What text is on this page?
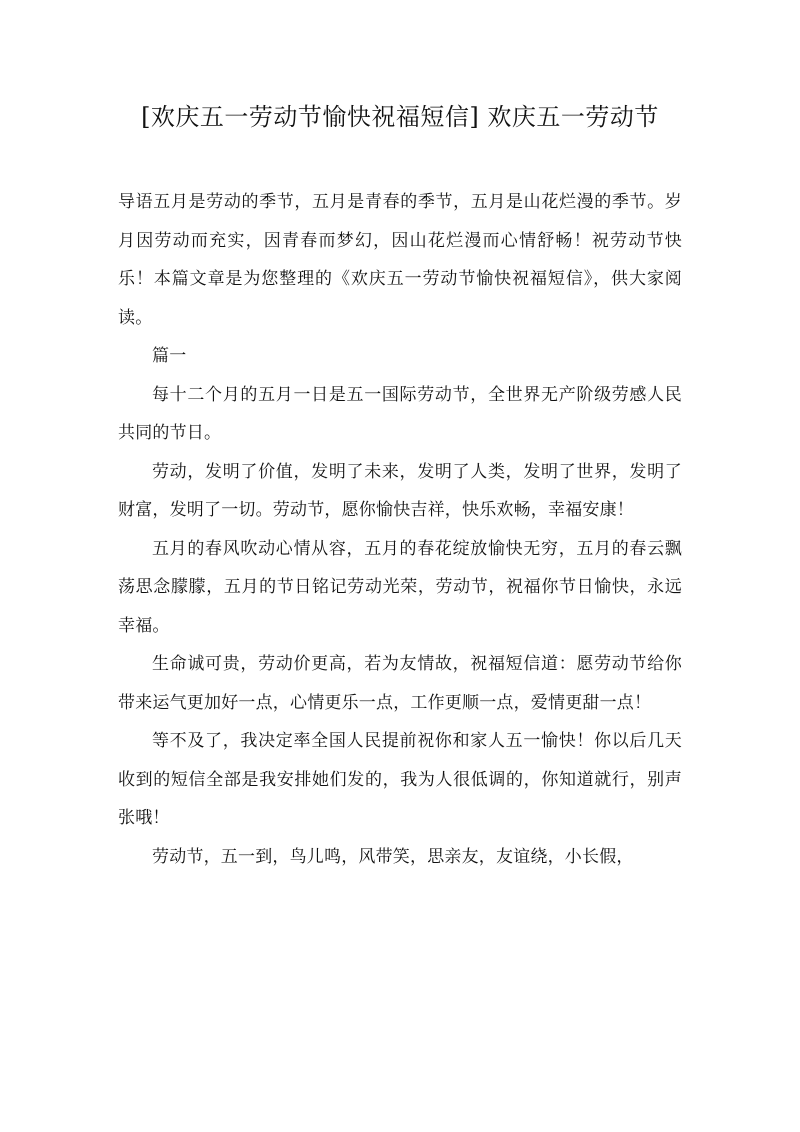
[欢庆五一劳动节愉快祝福短信] 欢庆五一劳动节

导语五月是劳动的季节，五月是青春的季节，五月是山花烂漫的季节。岁月因劳动而充实，因青春而梦幻，因山花烂漫而心情舒畅！祝劳动节快乐！本篇文章是为您整理的《欢庆五一劳动节愉快祝福短信》，供大家阅读。

篇一

每十二个月的五月一日是五一国际劳动节，全世界无产阶级劳感人民共同的节日。

劳动，发明了价值，发明了未来，发明了人类，发明了世界，发明了财富，发明了一切。劳动节，愿你愉快吉祥，快乐欢畅，幸福安康！

五月的春风吹动心情从容，五月的春花绽放愉快无穷，五月的春云飘荡思念朦朦，五月的节日铭记劳动光荣，劳动节，祝福你节日愉快，永远幸福。

生命诚可贵，劳动价更高，若为友情故，祝福短信道：愿劳动节给你带来运气更加好一点，心情更乐一点，工作更顺一点，爱情更甜一点！

等不及了，我决定率全国人民提前祝你和家人五一愉快！你以后几天收到的短信全部是我安排她们发的，我为人很低调的，你知道就行，别声张哦！

劳动节，五一到，鸟儿鸣，风带笑，思亲友，友谊绕，小长假，
